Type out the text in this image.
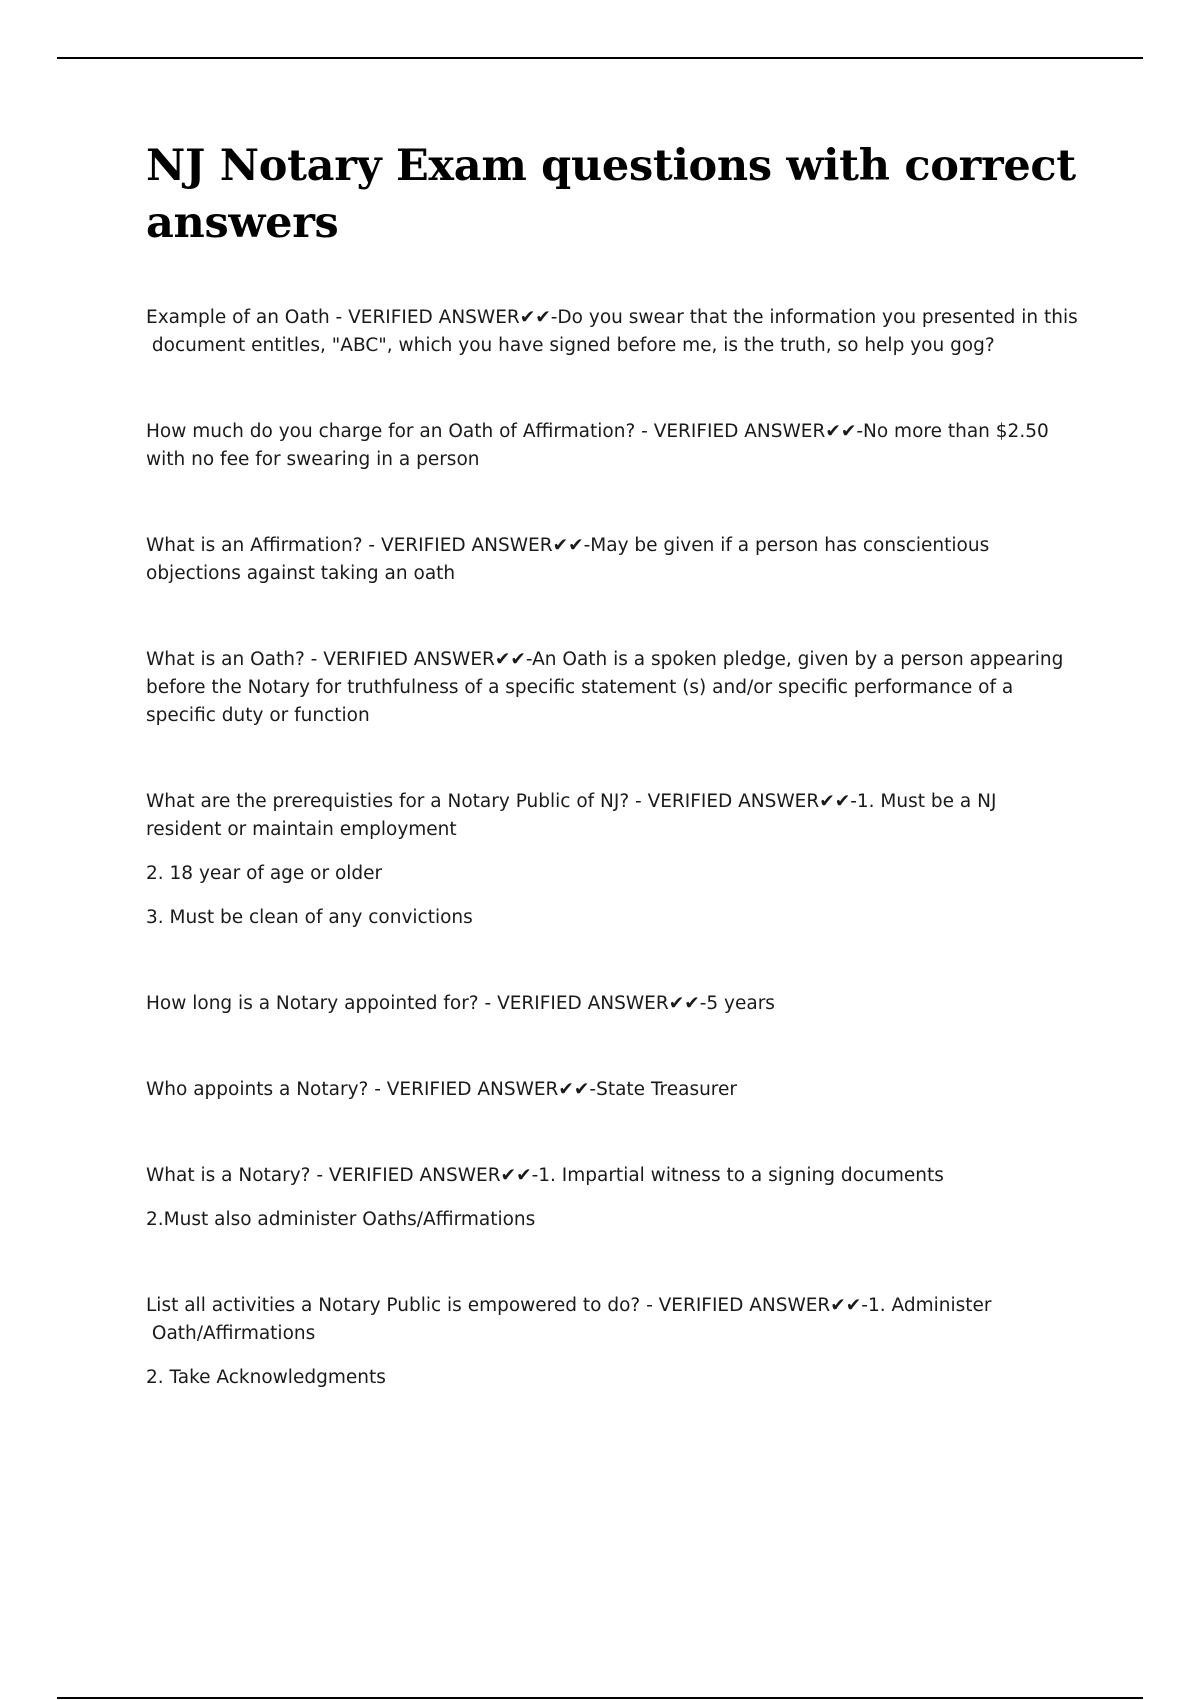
NJ Notary Exam questions with correct answers

Example of an Oath - VERIFIED ANSWER✔✔-Do you swear that the information you presented in this
document entitles, "ABC", which you have signed before me, is the truth, so help you gog?

How much do you charge for an Oath of Affirmation? - VERIFIED ANSWER✔✔-No more than $2.50
with no fee for swearing in a person

What is an Affirmation? - VERIFIED ANSWER✔✔-May be given if a person has conscientious
objections against taking an oath

What is an Oath? - VERIFIED ANSWER✔✔-An Oath is a spoken pledge, given by a person appearing
before the Notary for truthfulness of a specific statement (s) and/or specific performance of a
specific duty or function

What are the prerequisties for a Notary Public of NJ? - VERIFIED ANSWER✔✔-1. Must be a NJ
resident or maintain employment

2. 18 year of age or older

3. Must be clean of any convictions

How long is a Notary appointed for? - VERIFIED ANSWER✔✔-5 years

Who appoints a Notary? - VERIFIED ANSWER✔✔-State Treasurer

What is a Notary? - VERIFIED ANSWER✔✔-1. Impartial witness to a signing documents

2.Must also administer Oaths/Affirmations

List all activities a Notary Public is empowered to do? - VERIFIED ANSWER✔✔-1. Administer
Oath/Affirmations

2. Take Acknowledgments
